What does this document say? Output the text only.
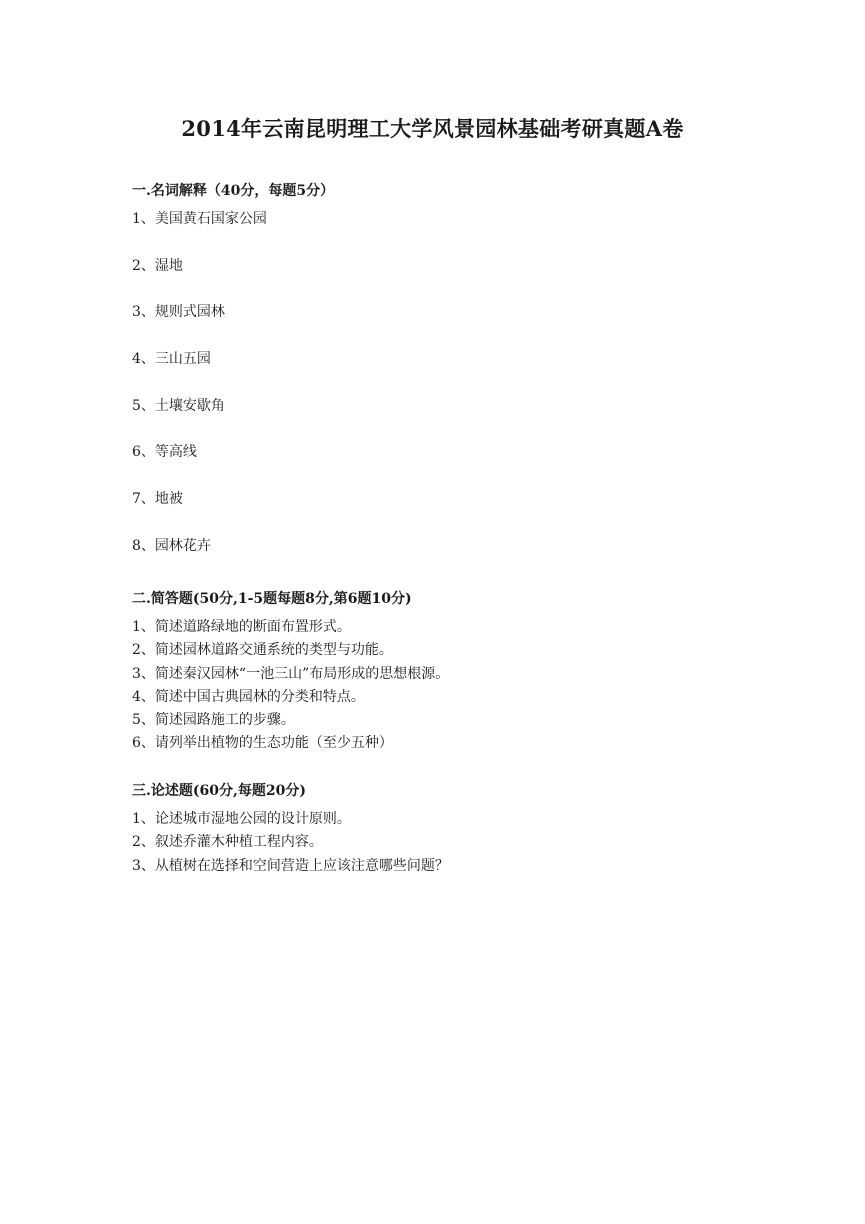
2014年云南昆明理工大学风景园林基础考研真题A卷
一.名词解释（40分，每题5分）
1、美国黄石国家公园
2、湿地
3、规则式园林
4、三山五园
5、土壤安歇角
6、等高线
7、地被
8、园林花卉
二.简答题(50分,1-5题每题8分,第6题10分)
1、简述道路绿地的断面布置形式。
2、简述园林道路交通系统的类型与功能。
3、简述秦汉园林“一池三山”布局形成的思想根源。
4、简述中国古典园林的分类和特点。
5、简述园路施工的步骤。
6、请列举出植物的生态功能（至少五种）
三.论述题(60分,每题20分)
1、论述城市湿地公园的设计原则。
2、叙述乔灌木种植工程内容。
3、从植树在选择和空间营造上应该注意哪些问题？
